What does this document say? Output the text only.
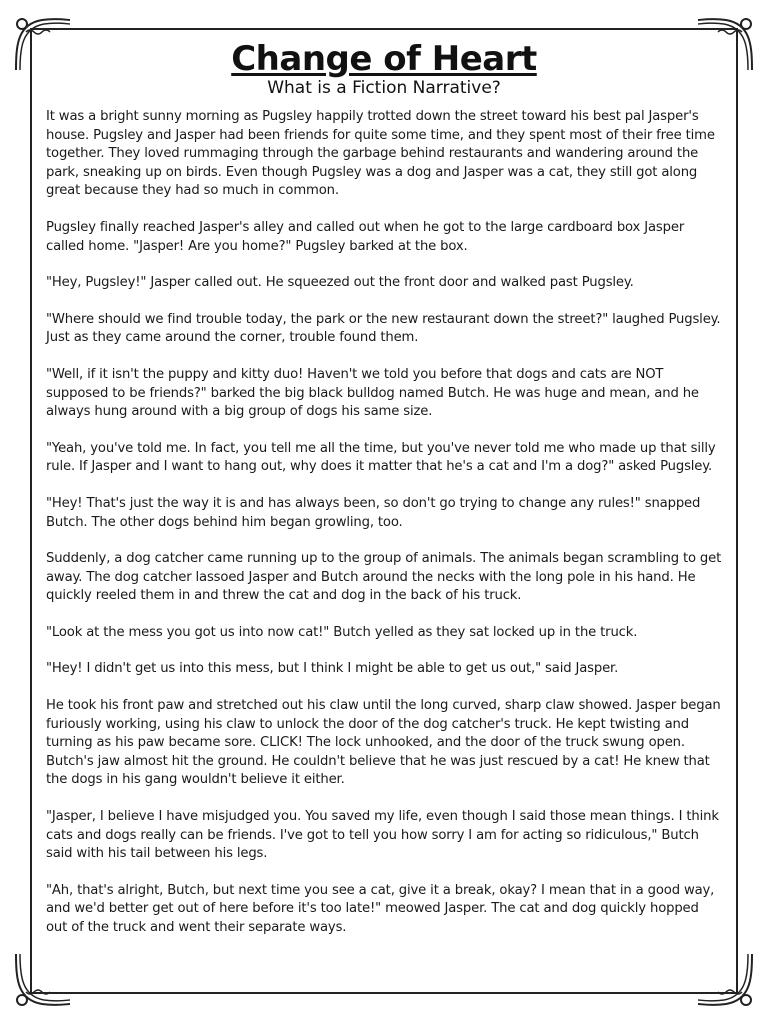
Change of Heart

What is a Fiction Narrative?

It was a bright sunny morning as Pugsley happily trotted down the street toward his best pal Jasper's house. Pugsley and Jasper had been friends for quite some time, and they spent most of their free time together. They loved rummaging through the garbage behind restaurants and wandering around the park, sneaking up on birds. Even though Pugsley was a dog and Jasper was a cat, they still got along great because they had so much in common.

Pugsley finally reached Jasper's alley and called out when he got to the large cardboard box Jasper called home. "Jasper! Are you home?" Pugsley barked at the box.

"Hey, Pugsley!" Jasper called out. He squeezed out the front door and walked past Pugsley.

"Where should we find trouble today, the park or the new restaurant down the street?" laughed Pugsley. Just as they came around the corner, trouble found them.

"Well, if it isn't the puppy and kitty duo! Haven't we told you before that dogs and cats are NOT supposed to be friends?" barked the big black bulldog named Butch. He was huge and mean, and he always hung around with a big group of dogs his same size.

"Yeah, you've told me. In fact, you tell me all the time, but you've never told me who made up that silly rule. If Jasper and I want to hang out, why does it matter that he's a cat and I'm a dog?" asked Pugsley.

"Hey! That's just the way it is and has always been, so don't go trying to change any rules!" snapped Butch. The other dogs behind him began growling, too.

Suddenly, a dog catcher came running up to the group of animals. The animals began scrambling to get away. The dog catcher lassoed Jasper and Butch around the necks with the long pole in his hand. He quickly reeled them in and threw the cat and dog in the back of his truck.

"Look at the mess you got us into now cat!" Butch yelled as they sat locked up in the truck.

"Hey! I didn't get us into this mess, but I think I might be able to get us out," said Jasper.

He took his front paw and stretched out his claw until the long curved, sharp claw showed. Jasper began furiously working, using his claw to unlock the door of the dog catcher's truck. He kept twisting and turning as his paw became sore. CLICK! The lock unhooked, and the door of the truck swung open. Butch's jaw almost hit the ground. He couldn't believe that he was just rescued by a cat! He knew that the dogs in his gang wouldn't believe it either.

"Jasper, I believe I have misjudged you. You saved my life, even though I said those mean things. I think cats and dogs really can be friends. I've got to tell you how sorry I am for acting so ridiculous," Butch said with his tail between his legs.

"Ah, that's alright, Butch, but next time you see a cat, give it a break, okay? I mean that in a good way, and we'd better get out of here before it's too late!" meowed Jasper. The cat and dog quickly hopped out of the truck and went their separate ways.
